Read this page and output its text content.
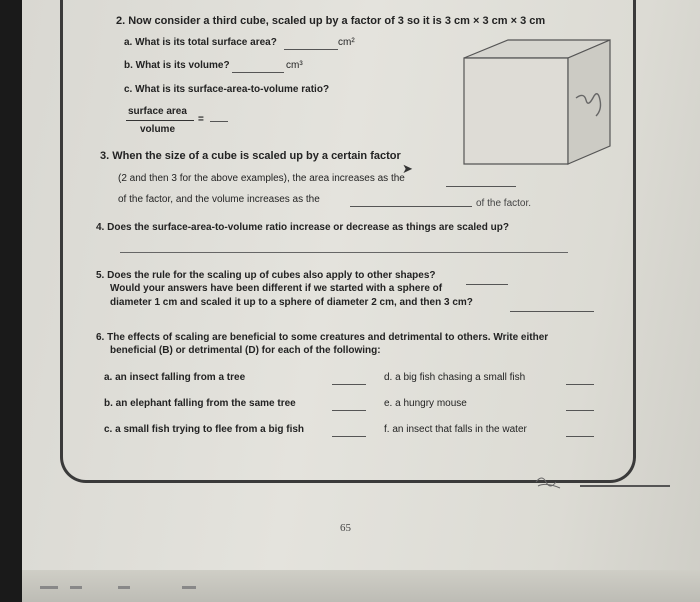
2. Now consider a third cube, scaled up by a factor of 3 so it is 3 cm × 3 cm × 3 cm
a. What is its total surface area?	cm²
b. What is its volume?	cm³
c. What is its surface-area-to-volume ratio?
surface area
volume
=
3. When the size of a cube is scaled up by a certain factor
➤
(2 and then 3 for the above examples), the area increases as the
of the factor, and the volume increases as the	of the factor.
4. Does the surface-area-to-volume ratio increase or decrease as things are scaled up?
5. Does the rule for the scaling up of cubes also apply to other shapes?
Would your answers have been different if we started with a sphere of
diameter 1 cm and scaled it up to a sphere of diameter 2 cm, and then 3 cm?
6. The effects of scaling are beneficial to some creatures and detrimental to others. Write either
beneficial (B) or detrimental (D) for each of the following:
a. an insect falling from a tree
b. an elephant falling from the same tree
c. a small fish trying to flee from a big fish
d. a big fish chasing a small fish
e. a hungry mouse
f. an insect that falls in the water
65
